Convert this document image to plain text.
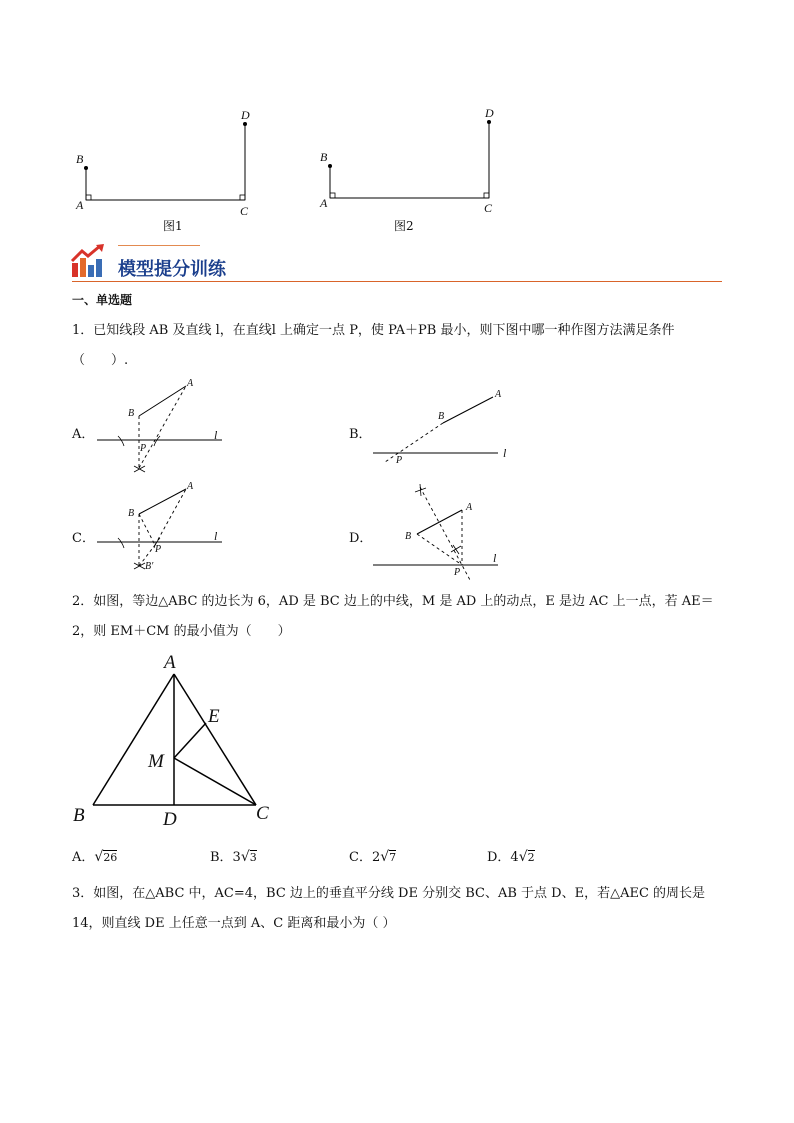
B
A	C
D
图1
B
A	C
D
图2
模型提分训练
一、单选题
1．已知线段 AB 及直线 l，在直线l 上确定一点 P，使 PA＋PB 最小，则下图中哪一种作图方法满足条件
（　　）.
A．
B
A
P
l	B．
B
A
P
l
C．
B
A
P
B′
l	D．	B
A
P
l
2．如图，等边△ABC 的边长为 6，AD 是 BC 边上的中线，M 是 AD 上的动点，E 是边 AC 上一点，若 AE＝
2，则 EM＋CM 的最小值为（　　）
A
E
M
B	D	C
A．√26	B．3√3	C．2√7	D．4√2
3．如图，在△ABC 中，AC=4，BC 边上的垂直平分线 DE 分别交 BC、AB 于点 D、E，若△AEC 的周长是
14，则直线 DE 上任意一点到 A、C 距离和最小为（ ）
